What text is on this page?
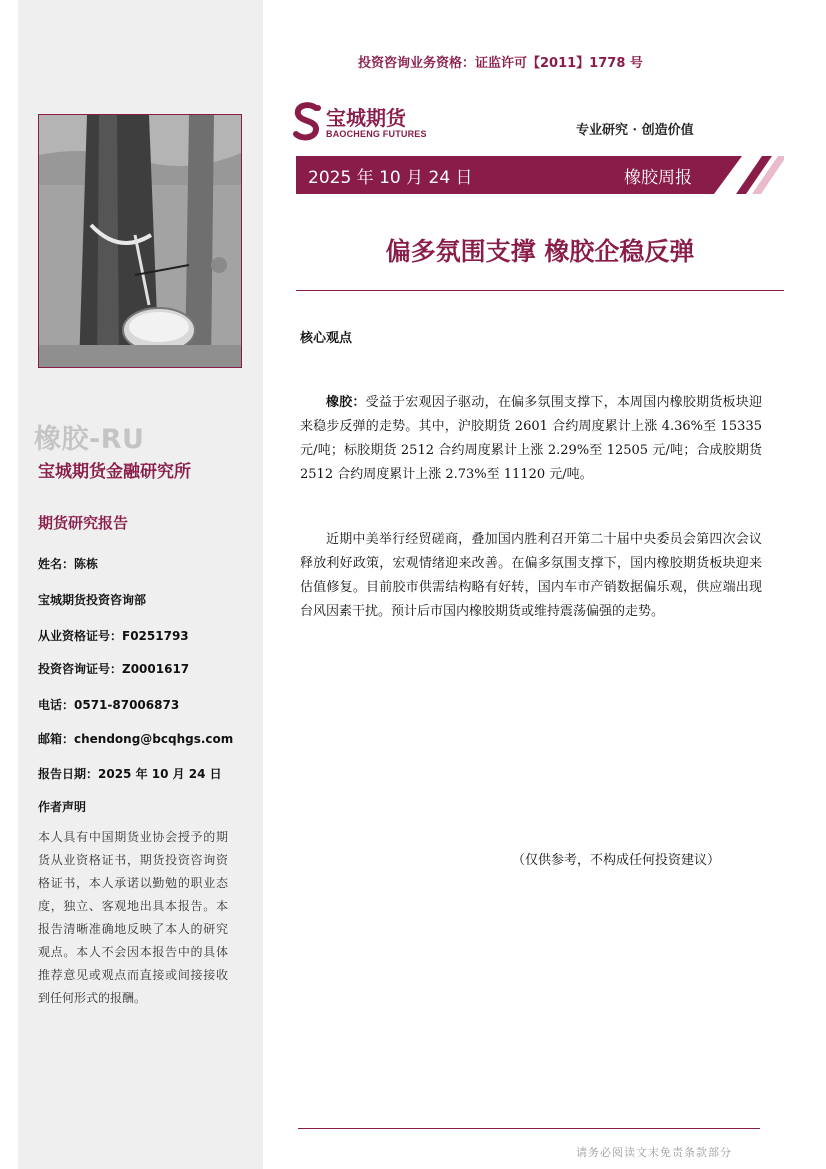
橡胶-RU
宝城期货金融研究所
期货研究报告
姓名：陈栋
宝城期货投资咨询部
从业资格证号：F0251793
投资咨询证号：Z0001617
电话：0571-87006873
邮箱：chendong@bcqhgs.com
报告日期：2025 年 10 月 24 日
作者声明
本人具有中国期货业协会授予的期货从业资格证书，期货投资咨询资格证书，本人承诺以勤勉的职业态度，独立、客观地出具本报告。本报告清晰准确地反映了本人的研究观点。本人不会因本报告中的具体推荐意见或观点而直接或间接接收到任何形式的报酬。
投资咨询业务资格：证监许可【2011】1778 号
宝城期货
BAOCHENG FUTURES	专业研究 · 创造价值
2025 年 10 月 24 日	橡胶周报
偏多氛围支撑 橡胶企稳反弹
核心观点
橡胶：受益于宏观因子驱动，在偏多氛围支撑下，本周国内橡胶期货板块迎来稳步反弹的走势。其中，沪胶期货 2601 合约周度累计上涨 4.36%至 15335 元/吨；标胶期货 2512 合约周度累计上涨 2.29%至 12505 元/吨；合成胶期货 2512 合约周度累计上涨 2.73%至 11120 元/吨。
近期中美举行经贸磋商，叠加国内胜利召开第二十届中央委员会第四次会议释放利好政策，宏观情绪迎来改善。在偏多氛围支撑下，国内橡胶期货板块迎来估值修复。目前胶市供需结构略有好转，国内车市产销数据偏乐观，供应端出现台风因素干扰。预计后市国内橡胶期货或维持震荡偏强的走势。
（仅供参考，不构成任何投资建议）
请务必阅读文末免责条款部分
